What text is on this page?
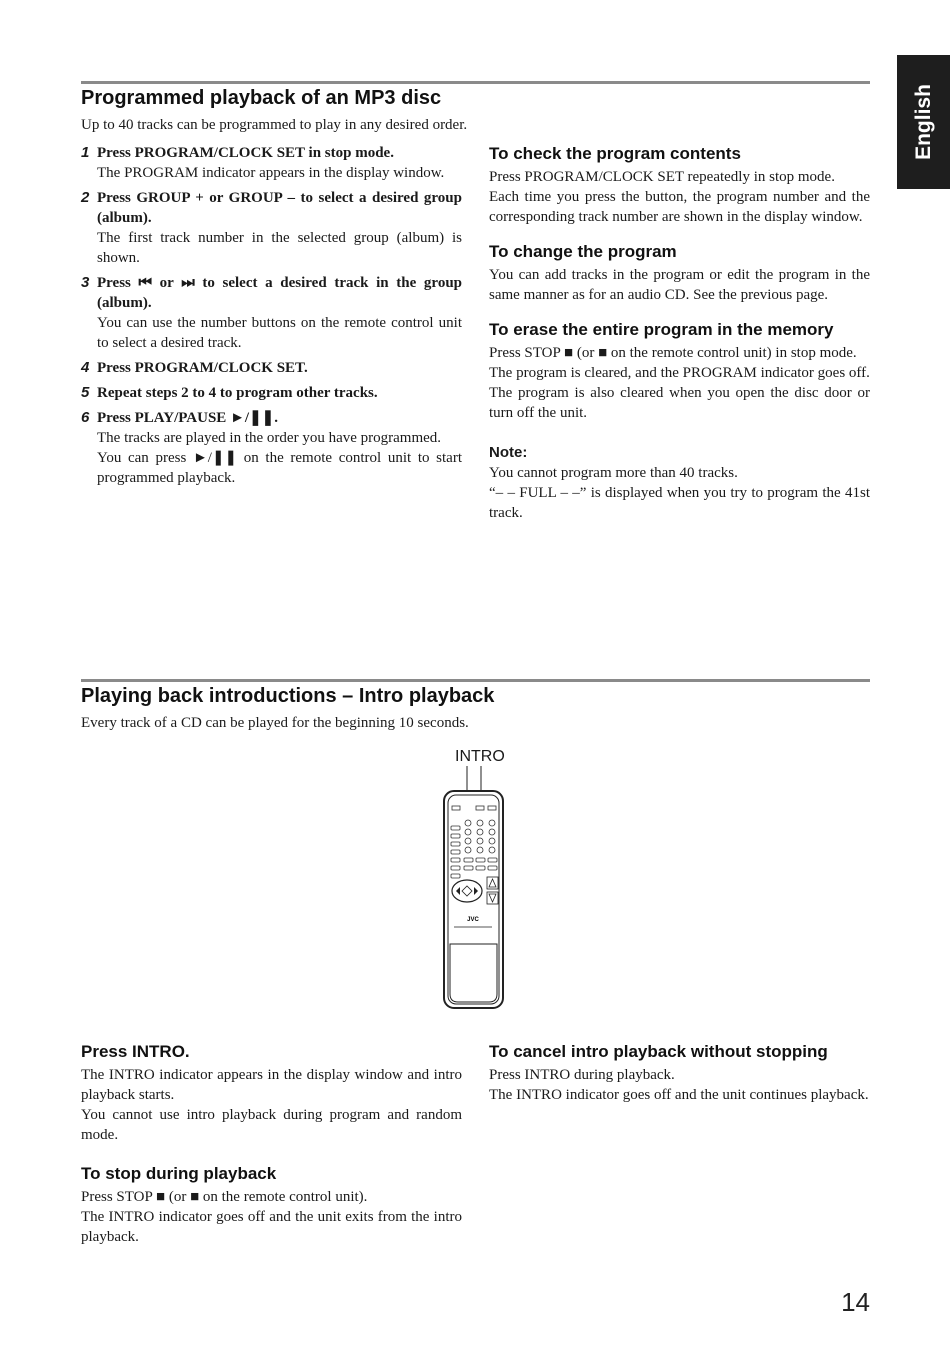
English
Programmed playback of an MP3 disc

Up to 40 tracks can be programmed to play in any desired order.

1 Press PROGRAM/CLOCK SET in stop mode.

The PROGRAM indicator appears in the display window.

2 Press GROUP + or GROUP – to select a desired group (album).

The first track number in the selected group (album) is shown.

3 Press ⏮ or ⏭ to select a desired track in the group (album).

You can use the number buttons on the remote control unit to select a desired track.

4 Press PROGRAM/CLOCK SET.

5 Repeat steps 2 to 4 to program other tracks.

6 Press PLAY/PAUSE ►/❚❚.

The tracks are played in the order you have programmed.

You can press ►/❚❚ on the remote control unit to start programmed playback.

To check the program contents

Press PROGRAM/CLOCK SET repeatedly in stop mode.

Each time you press the button, the program number and the corresponding track number are shown in the display window.

To change the program

You can add tracks in the program or edit the program in the same manner as for an audio CD. See the previous page.

To erase the entire program in the memory

Press STOP ■ (or ■ on the remote control unit) in stop mode.

The program is cleared, and the PROGRAM indicator goes off.

The program is also cleared when you open the disc door or turn off the unit.

Note:

You cannot program more than 40 tracks.

“– – FULL – –” is displayed when you try to program the 41st track.

Playing back introductions – Intro playback

Every track of a CD can be played for the beginning 10 seconds.

INTRO
JVC
Press INTRO.

The INTRO indicator appears in the display window and intro playback starts.

You cannot use intro playback during program and random mode.

To stop during playback

Press STOP ■ (or ■ on the remote control unit).

The INTRO indicator goes off and the unit exits from the intro playback.

To cancel intro playback without stopping

Press INTRO during playback.

The INTRO indicator goes off and the unit continues playback.

14
